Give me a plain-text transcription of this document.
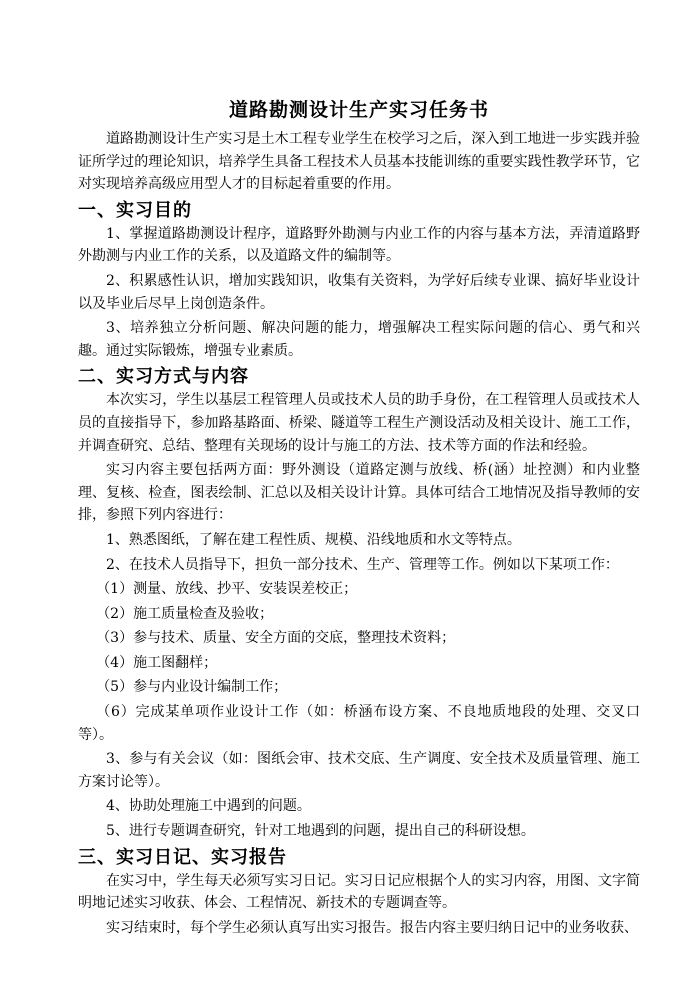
道路勘测设计生产实习任务书

道路勘测设计生产实习是土木工程专业学生在校学习之后，深入到工地进一步实践并验证所学过的理论知识，培养学生具备工程技术人员基本技能训练的重要实践性教学环节，它对实现培养高级应用型人才的目标起着重要的作用。

一、实习目的

1、掌握道路勘测设计程序，道路野外勘测与内业工作的内容与基本方法，弄清道路野外勘测与内业工作的关系，以及道路文件的编制等。

2、积累感性认识，增加实践知识，收集有关资料，为学好后续专业课、搞好毕业设计以及毕业后尽早上岗创造条件。

3、培养独立分析问题、解决问题的能力，增强解决工程实际问题的信心、勇气和兴趣。通过实际锻炼，增强专业素质。

二、实习方式与内容

本次实习，学生以基层工程管理人员或技术人员的助手身份，在工程管理人员或技术人员的直接指导下，参加路基路面、桥梁、隧道等工程生产测设活动及相关设计、施工工作，并调查研究、总结、整理有关现场的设计与施工的方法、技术等方面的作法和经验。

实习内容主要包括两方面：野外测设（道路定测与放线、桥(涵）址控测）和内业整理、复核、检查，图表绘制、汇总以及相关设计计算。具体可结合工地情况及指导教师的安排，参照下列内容进行：

1、熟悉图纸，了解在建工程性质、规模、沿线地质和水文等特点。

2、在技术人员指导下，担负一部分技术、生产、管理等工作。例如以下某项工作：

（1）测量、放线、抄平、安装误差校正；

（2）施工质量检查及验收；

（3）参与技术、质量、安全方面的交底，整理技术资料；

（4）施工图翻样；

（5）参与内业设计编制工作；

（6）完成某单项作业设计工作（如：桥涵布设方案、不良地质地段的处理、交叉口等）。

3、参与有关会议（如：图纸会审、技术交底、生产调度、安全技术及质量管理、施工方案讨论等）。

4、协助处理施工中遇到的问题。

5、进行专题调查研究，针对工地遇到的问题，提出自己的科研设想。

三、实习日记、实习报告

在实习中，学生每天必须写实习日记。实习日记应根据个人的实习内容，用图、文字简明地记述实习收获、体会、工程情况、新技术的专题调查等。

实习结束时，每个学生必须认真写出实习报告。报告内容主要归纳日记中的业务收获、
